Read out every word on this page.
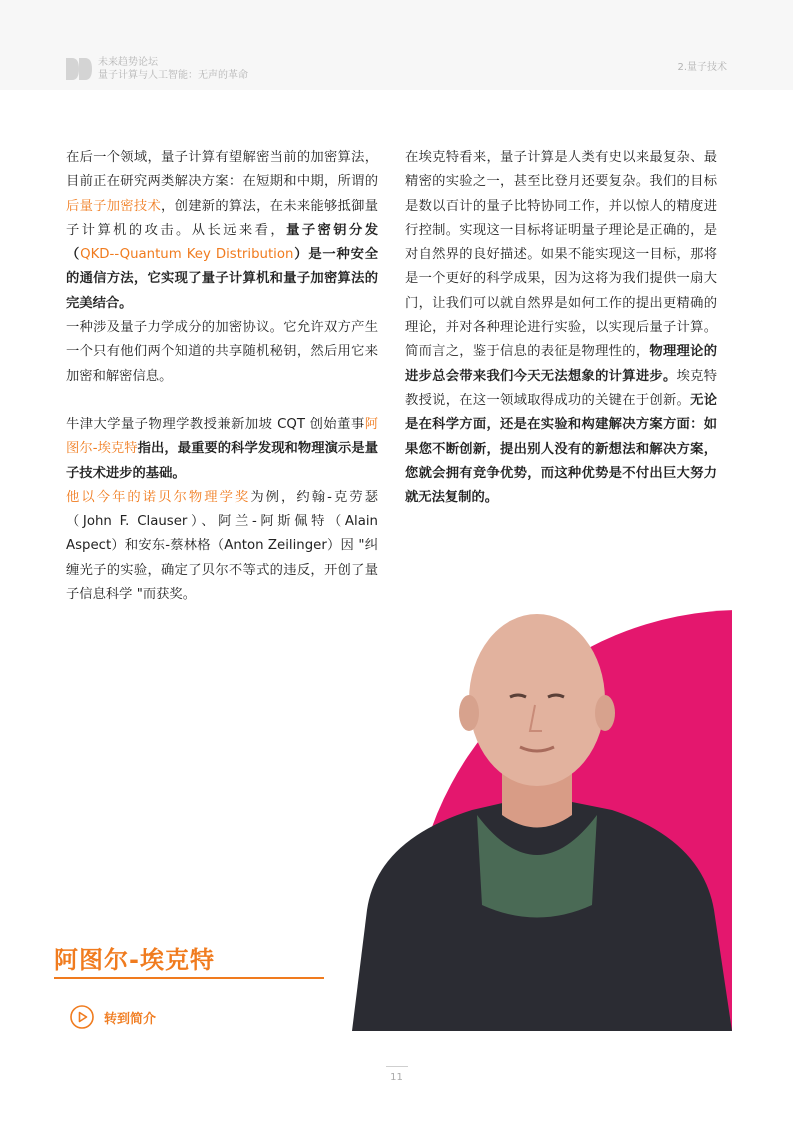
未来趋势论坛
量子计算与人工智能：无声的革命
2.量子技术

在后一个领域，量子计算有望解密当前的加密算法，目前正在研究两类解决方案：在短期和中期，所谓的后量子加密技术，创建新的算法，在未来能够抵御量子计算机的攻击。从长远来看，量子密钥分发（QKD--Quantum Key Distribution）是一种安全的通信方法，它实现了量子计算机和量子加密算法的完美结合。

一种涉及量子力学成分的加密协议。它允许双方产生一个只有他们两个知道的共享随机秘钥，然后用它来加密和解密信息。

牛津大学量子物理学教授兼新加坡 CQT 创始董事阿图尔-埃克特指出，最重要的科学发现和物理演示是量子技术进步的基础。

他以今年的诺贝尔物理学奖为例，约翰-克劳瑟（John F. Clauser）、阿兰-阿斯佩特（Alain Aspect）和安东-蔡林格（Anton Zeilinger）因 "纠缠光子的实验，确定了贝尔不等式的违反，开创了量子信息科学 "而获奖。

在埃克特看来，量子计算是人类有史以来最复杂、最精密的实验之一，甚至比登月还要复杂。我们的目标是数以百计的量子比特协同工作，并以惊人的精度进行控制。实现这一目标将证明量子理论是正确的，是对自然界的良好描述。如果不能实现这一目标，那将是一个更好的科学成果，因为这将为我们提供一扇大门，让我们可以就自然界是如何工作的提出更精确的理论，并对各种理论进行实验，以实现后量子计算。简而言之，鉴于信息的表征是物理性的，物理理论的进步总会带来我们今天无法想象的计算进步。埃克特教授说，在这一领域取得成功的关键在于创新。无论是在科学方面，还是在实验和构建解决方案方面：如果您不断创新，提出别人没有的新想法和解决方案，您就会拥有竞争优势，而这种优势是不付出巨大努力就无法复制的。

阿图尔-埃克特
转到简介
11
